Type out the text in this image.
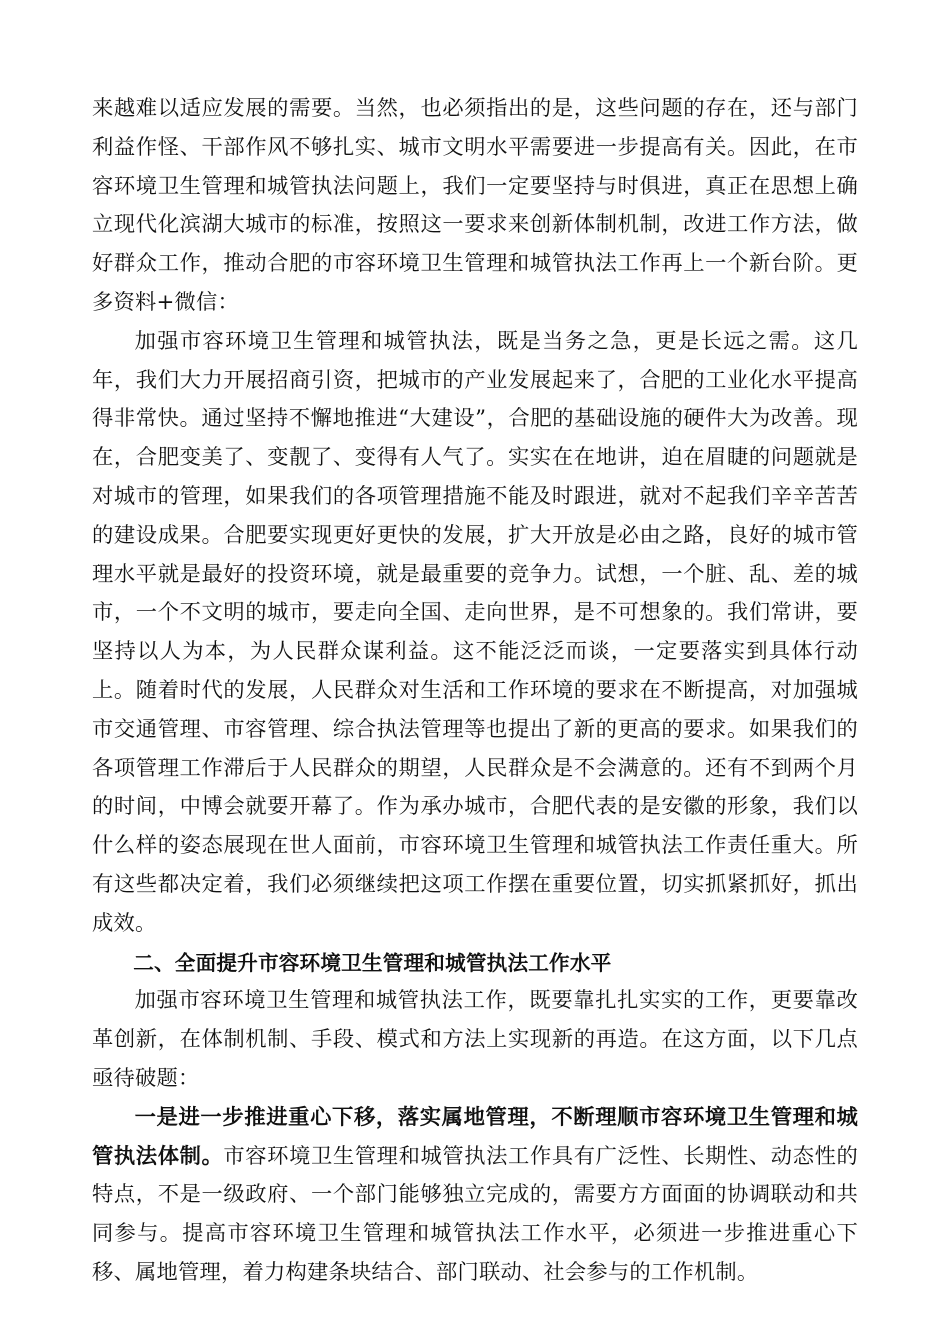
来越难以适应发展的需要。当然，也必须指出的是，这些问题的存在，还与部门利益作怪、干部作风不够扎实、城市文明水平需要进一步提高有关。因此，在市容环境卫生管理和城管执法问题上，我们一定要坚持与时俱进，真正在思想上确立现代化滨湖大城市的标准，按照这一要求来创新体制机制，改进工作方法，做好群众工作，推动合肥的市容环境卫生管理和城管执法工作再上一个新台阶。更多资料+微信：

加强市容环境卫生管理和城管执法，既是当务之急，更是长远之需。这几年，我们大力开展招商引资，把城市的产业发展起来了，合肥的工业化水平提高得非常快。通过坚持不懈地推进“大建设”，合肥的基础设施的硬件大为改善。现在，合肥变美了、变靓了、变得有人气了。实实在在地讲，迫在眉睫的问题就是对城市的管理，如果我们的各项管理措施不能及时跟进，就对不起我们辛辛苦苦的建设成果。合肥要实现更好更快的发展，扩大开放是必由之路，良好的城市管理水平就是最好的投资环境，就是最重要的竞争力。试想，一个脏、乱、差的城市，一个不文明的城市，要走向全国、走向世界，是不可想象的。我们常讲，要坚持以人为本，为人民群众谋利益。这不能泛泛而谈，一定要落实到具体行动上。随着时代的发展，人民群众对生活和工作环境的要求在不断提高，对加强城市交通管理、市容管理、综合执法管理等也提出了新的更高的要求。如果我们的各项管理工作滞后于人民群众的期望，人民群众是不会满意的。还有不到两个月的时间，中博会就要开幕了。作为承办城市，合肥代表的是安徽的形象，我们以什么样的姿态展现在世人面前，市容环境卫生管理和城管执法工作责任重大。所有这些都决定着，我们必须继续把这项工作摆在重要位置，切实抓紧抓好，抓出成效。

二、全面提升市容环境卫生管理和城管执法工作水平

加强市容环境卫生管理和城管执法工作，既要靠扎扎实实的工作，更要靠改革创新，在体制机制、手段、模式和方法上实现新的再造。在这方面，以下几点亟待破题：

一是进一步推进重心下移，落实属地管理，不断理顺市容环境卫生管理和城管执法体制。市容环境卫生管理和城管执法工作具有广泛性、长期性、动态性的特点，不是一级政府、一个部门能够独立完成的，需要方方面面的协调联动和共同参与。提高市容环境卫生管理和城管执法工作水平，必须进一步推进重心下移、属地管理，着力构建条块结合、部门联动、社会参与的工作机制。
